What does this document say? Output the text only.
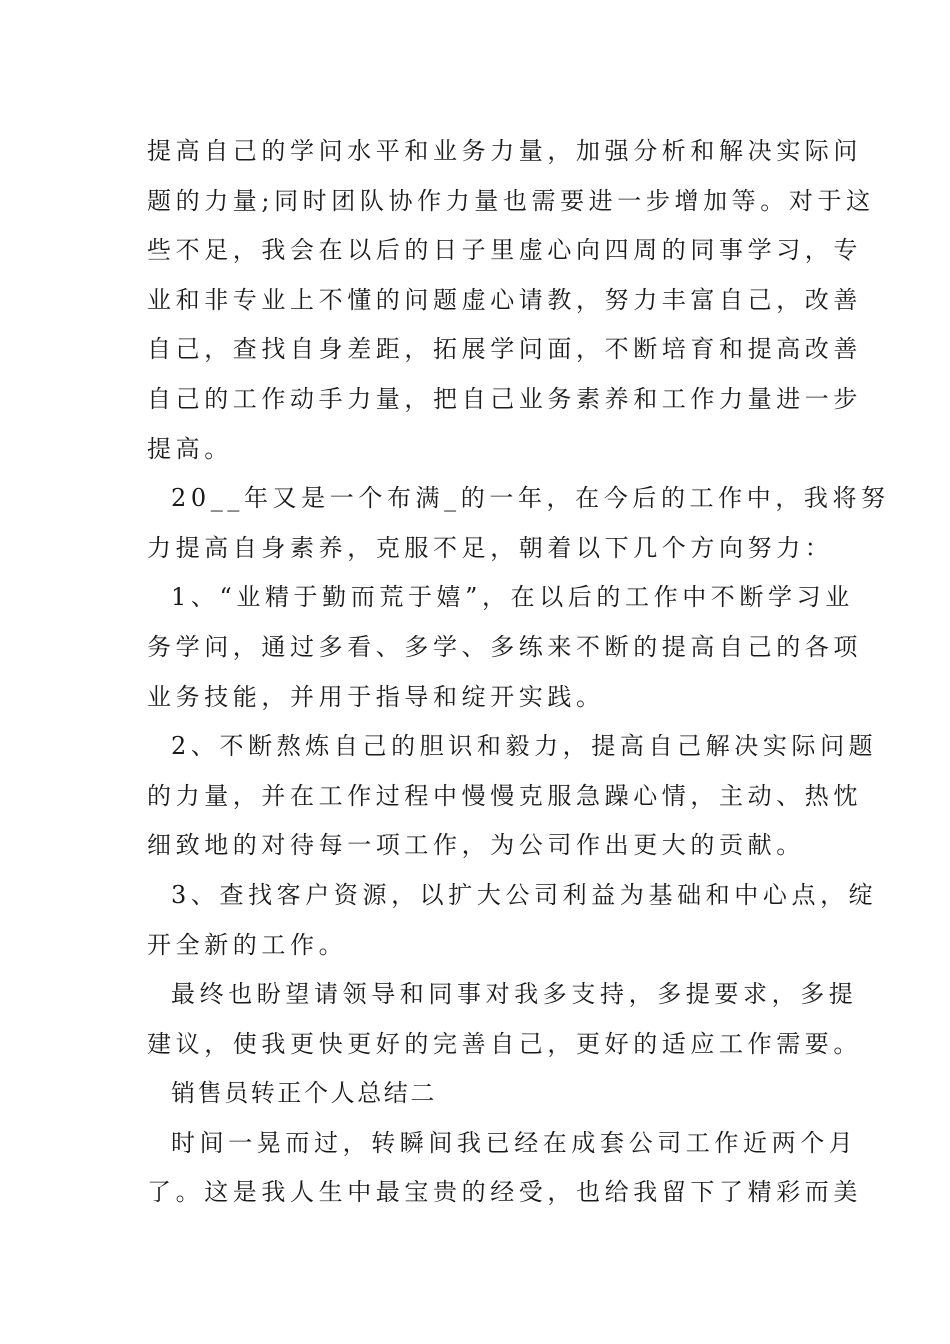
提高自己的学问水平和业务力量，加强分析和解决实际问
题的力量;同时团队协作力量也需要进一步增加等。对于这
些不足，我会在以后的日子里虚心向四周的同事学习，专
业和非专业上不懂的问题虚心请教，努力丰富自己，改善
自己，查找自身差距，拓展学问面，不断培育和提高改善
自己的工作动手力量，把自己业务素养和工作力量进一步
提高。
20__年又是一个布满_的一年，在今后的工作中，我将努
力提高自身素养，克服不足，朝着以下几个方向努力：
1、“业精于勤而荒于嬉”，在以后的工作中不断学习业
务学问，通过多看、多学、多练来不断的提高自己的各项
业务技能，并用于指导和绽开实践。
2、不断熬炼自己的胆识和毅力，提高自己解决实际问题
的力量，并在工作过程中慢慢克服急躁心情，主动、热忱
细致地的对待每一项工作，为公司作出更大的贡献。
3、查找客户资源，以扩大公司利益为基础和中心点，绽
开全新的工作。
最终也盼望请领导和同事对我多支持，多提要求，多提
建议，使我更快更好的完善自己，更好的适应工作需要。
销售员转正个人总结二
时间一晃而过，转瞬间我已经在成套公司工作近两个月
了。这是我人生中最宝贵的经受，也给我留下了精彩而美
